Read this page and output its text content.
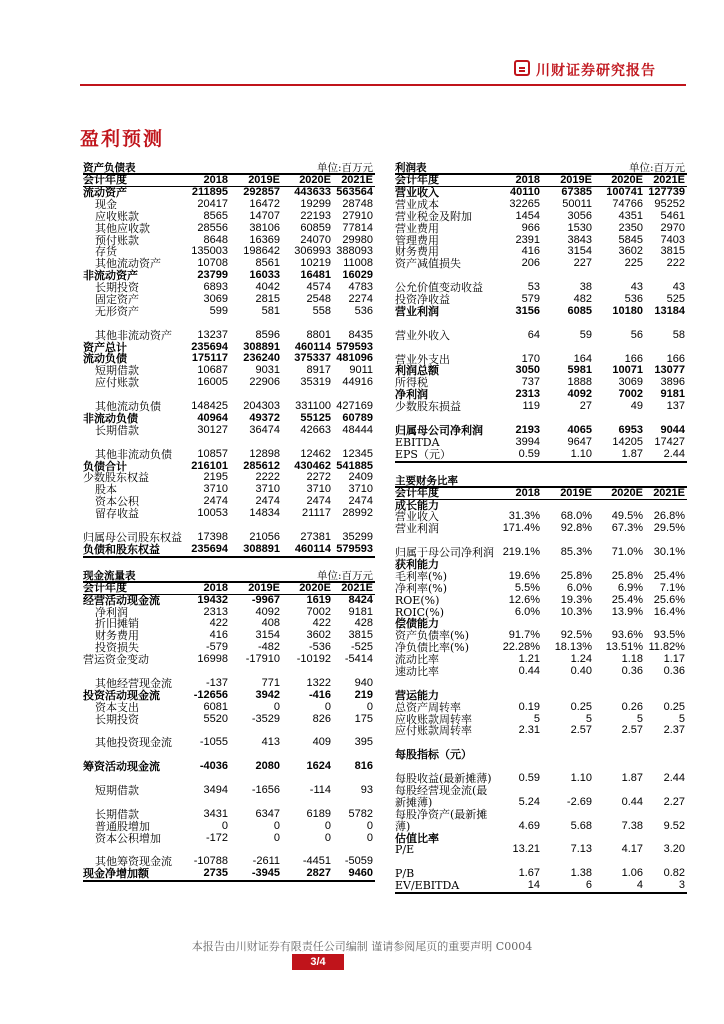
川财证券研究报告
盈利预测
资产负债表	单位:百万元
会计年度	2018	2019E	2020E 2021E
流动资产	211895	292857	443633 563564
现金	20417	16472	19299	28748
应收账款	8565	14707	22193	27910
其他应收款	28556	38106	60859	77814
预付账款	8648	16369	24070	29980
存货	135003	198642	306993 388093
其他流动资产	10708	8561	10219	11008
非流动资产	23799	16033	16481	16029
长期投资	6893	4042	4574	4783
固定资产	3069	2815	2548	2274
无形资产	599	581	558	536
其他非流动资产	13237	8596	8801	8435
资产总计	235694	308891	460114 579593
流动负债	175117	236240	375337 481096
短期借款	10687	9031	8917	9011
应付账款	16005	22906	35319	44916
其他流动负债	148425	204303	331100 427169
非流动负债	40964	49372	55125	60789
长期借款	30127	36474	42663	48444
其他非流动负债	10857	12898	12462	12345
负债合计	216101	285612	430462 541885
少数股东权益	2195	2222	2272	2409
股本	3710	3710	3710	3710
资本公积	2474	2474	2474	2474
留存收益	10053	14834	21117	28992
归属母公司股东权益	17398	21056	27381	35299
负债和股东权益	235694	308891	460114 579593
现金流量表	单位:百万元
会计年度	2018	2019E	2020E 2021E
经营活动现金流	19432	-9967	1619	8424
净利润	2313	4092	7002	9181
折旧摊销	422	408	422	428
财务费用	416	3154	3602	3815
投资损失	-579	-482	-536	-525
营运资金变动	16998	-17910	-10192	-5414
其他经营现金流	-137	771	1322	940
投资活动现金流	-12656	3942	-416	219
资本支出	6081	0	0	0
长期投资	5520	-3529	826	175
其他投资现金流	-1055	413	409	395
筹资活动现金流	-4036	2080	1624	816
短期借款	3494	-1656	-114	93
长期借款	3431	6347	6189	5782
普通股增加	0	0	0	0
资本公积增加	-172	0	0	0
其他筹资现金流	-10788	-2611	-4451	-5059
现金净增加额	2735	-3945	2827	9460
利润表	单位:百万元
会计年度	2018	2019E	2020E 2021E
营业收入	40110	67385	100741 127739
营业成本	32265	50011	74766	95252
营业税金及附加	1454	3056	4351	5461
营业费用	966	1530	2350	2970
管理费用	2391	3843	5845	7403
财务费用	416	3154	3602	3815
资产减值损失	206	227	225	222
公允价值变动收益	53	38	43	43
投资净收益	579	482	536	525
营业利润	3156	6085	10180	13184
营业外收入	64	59	56	58
营业外支出	170	164	166	166
利润总额	3050	5981	10071	13077
所得税	737	1888	3069	3896
净利润	2313	4092	7002	9181
少数股东损益	119	27	49	137
归属母公司净利润	2193	4065	6953	9044
EBITDA	3994	9647	14205	17427
EPS（元）	0.59	1.10	1.87	2.44
主要财务比率
会计年度	2018	2019E	2020E 2021E
成长能力
营业收入	31.3%	68.0%	49.5% 26.8%
营业利润	171.4%	92.8%	67.3% 29.5%
归属于母公司净利润 219.1%	85.3%	71.0% 30.1%
获利能力
毛利率(%)	19.6%	25.8%	25.8% 25.4%
净利率(%)	5.5%	6.0%	6.9%	7.1%
ROE(%)	12.6%	19.3%	25.4% 25.6%
ROIC(%)	6.0%	10.3%	13.9% 16.4%
偿债能力
资产负债率(%)	91.7%	92.5%	93.6% 93.5%
净负债比率(%)	22.28%	18.13%	13.51% 11.82%
流动比率	1.21	1.24	1.18	1.17
速动比率	0.44	0.40	0.36	0.36
营运能力
总资产周转率	0.19	0.25	0.26	0.25
应收账款周转率	5	5	5	5
应付账款周转率	2.31	2.57	2.57	2.37
每股指标（元）
每股收益(最新摊薄)	0.59	1.10	1.87	2.44
每股经营现金流(最新摊薄)	5.24	-2.69	0.44	2.27
每股净资产(最新摊薄)	4.69	5.68	7.38	9.52
估值比率
P/E	13.21	7.13	4.17	3.20
P/B	1.67	1.38	1.06	0.82
EV/EBITDA	14	6	4	3
本报告由川财证券有限责任公司编制 谨请参阅尾页的重要声明 C0004
3/4
